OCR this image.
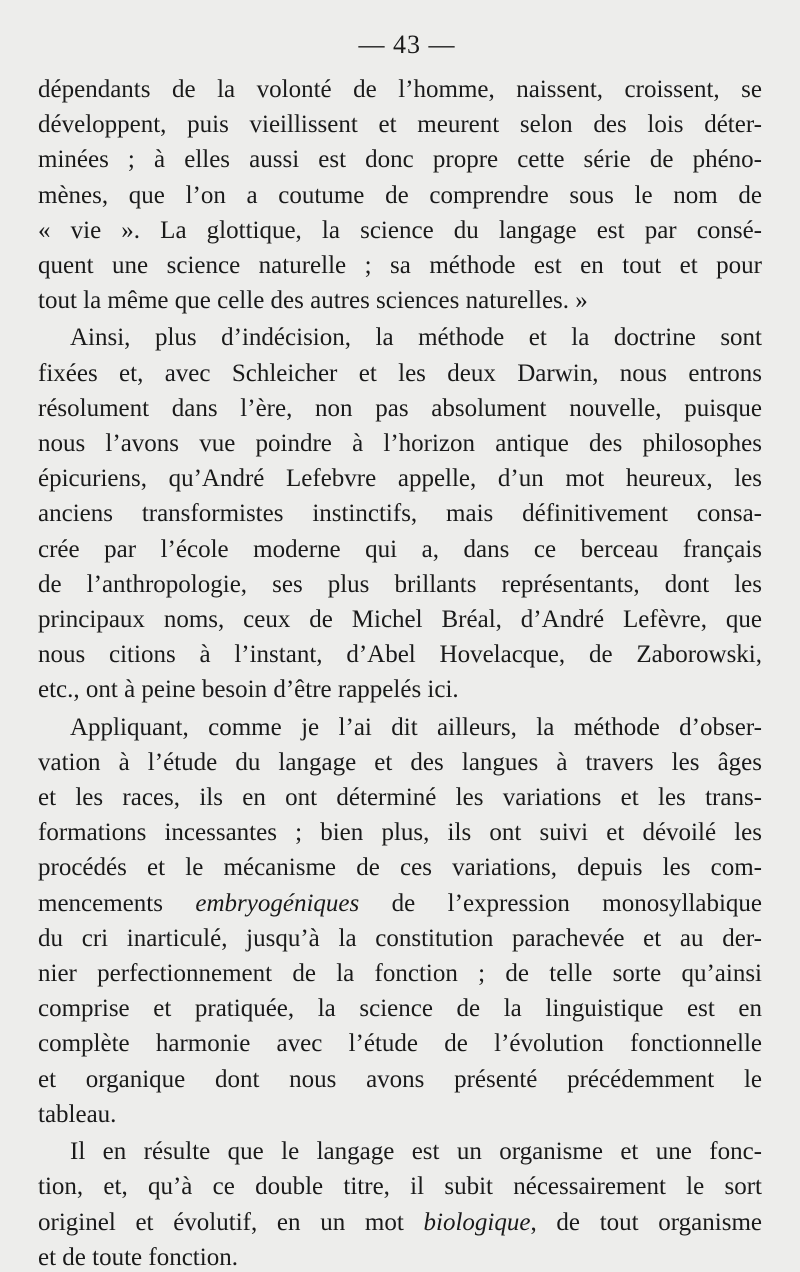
— 43 —
dépendants de la volonté de l’homme, naissent, croissent, se
développent, puis vieillissent et meurent selon des lois déter-
minées ; à elles aussi est donc propre cette série de phéno-
mènes, que l’on a coutume de comprendre sous le nom de
« vie ». La glottique, la science du langage est par consé-
quent une science naturelle ; sa méthode est en tout et pour
tout la même que celle des autres sciences naturelles. »
Ainsi, plus d’indécision, la méthode et la doctrine sont
fixées et, avec Schleicher et les deux Darwin, nous entrons
résolument dans l’ère, non pas absolument nouvelle, puisque
nous l’avons vue poindre à l’horizon antique des philosophes
épicuriens, qu’André Lefebvre appelle, d’un mot heureux, les
anciens transformistes instinctifs, mais définitivement consa-
crée par l’école moderne qui a, dans ce berceau français
de l’anthropologie, ses plus brillants représentants, dont les
principaux noms, ceux de Michel Bréal, d’André Lefèvre, que
nous citions à l’instant, d’Abel Hovelacque, de Zaborowski,
etc., ont à peine besoin d’être rappelés ici.
Appliquant, comme je l’ai dit ailleurs, la méthode d’obser-
vation à l’étude du langage et des langues à travers les âges
et les races, ils en ont déterminé les variations et les trans-
formations incessantes ; bien plus, ils ont suivi et dévoilé les
procédés et le mécanisme de ces variations, depuis les com-
mencements embryogéniques de l’expression monosyllabique
du cri inarticulé, jusqu’à la constitution parachevée et au der-
nier perfectionnement de la fonction ; de telle sorte qu’ainsi
comprise et pratiquée, la science de la linguistique est en
complète harmonie avec l’étude de l’évolution fonctionnelle
et organique dont nous avons présenté précédemment le
tableau.
Il en résulte que le langage est un organisme et une fonc-
tion, et, qu’à ce double titre, il subit nécessairement le sort
originel et évolutif, en un mot biologique, de tout organisme
et de toute fonction.
